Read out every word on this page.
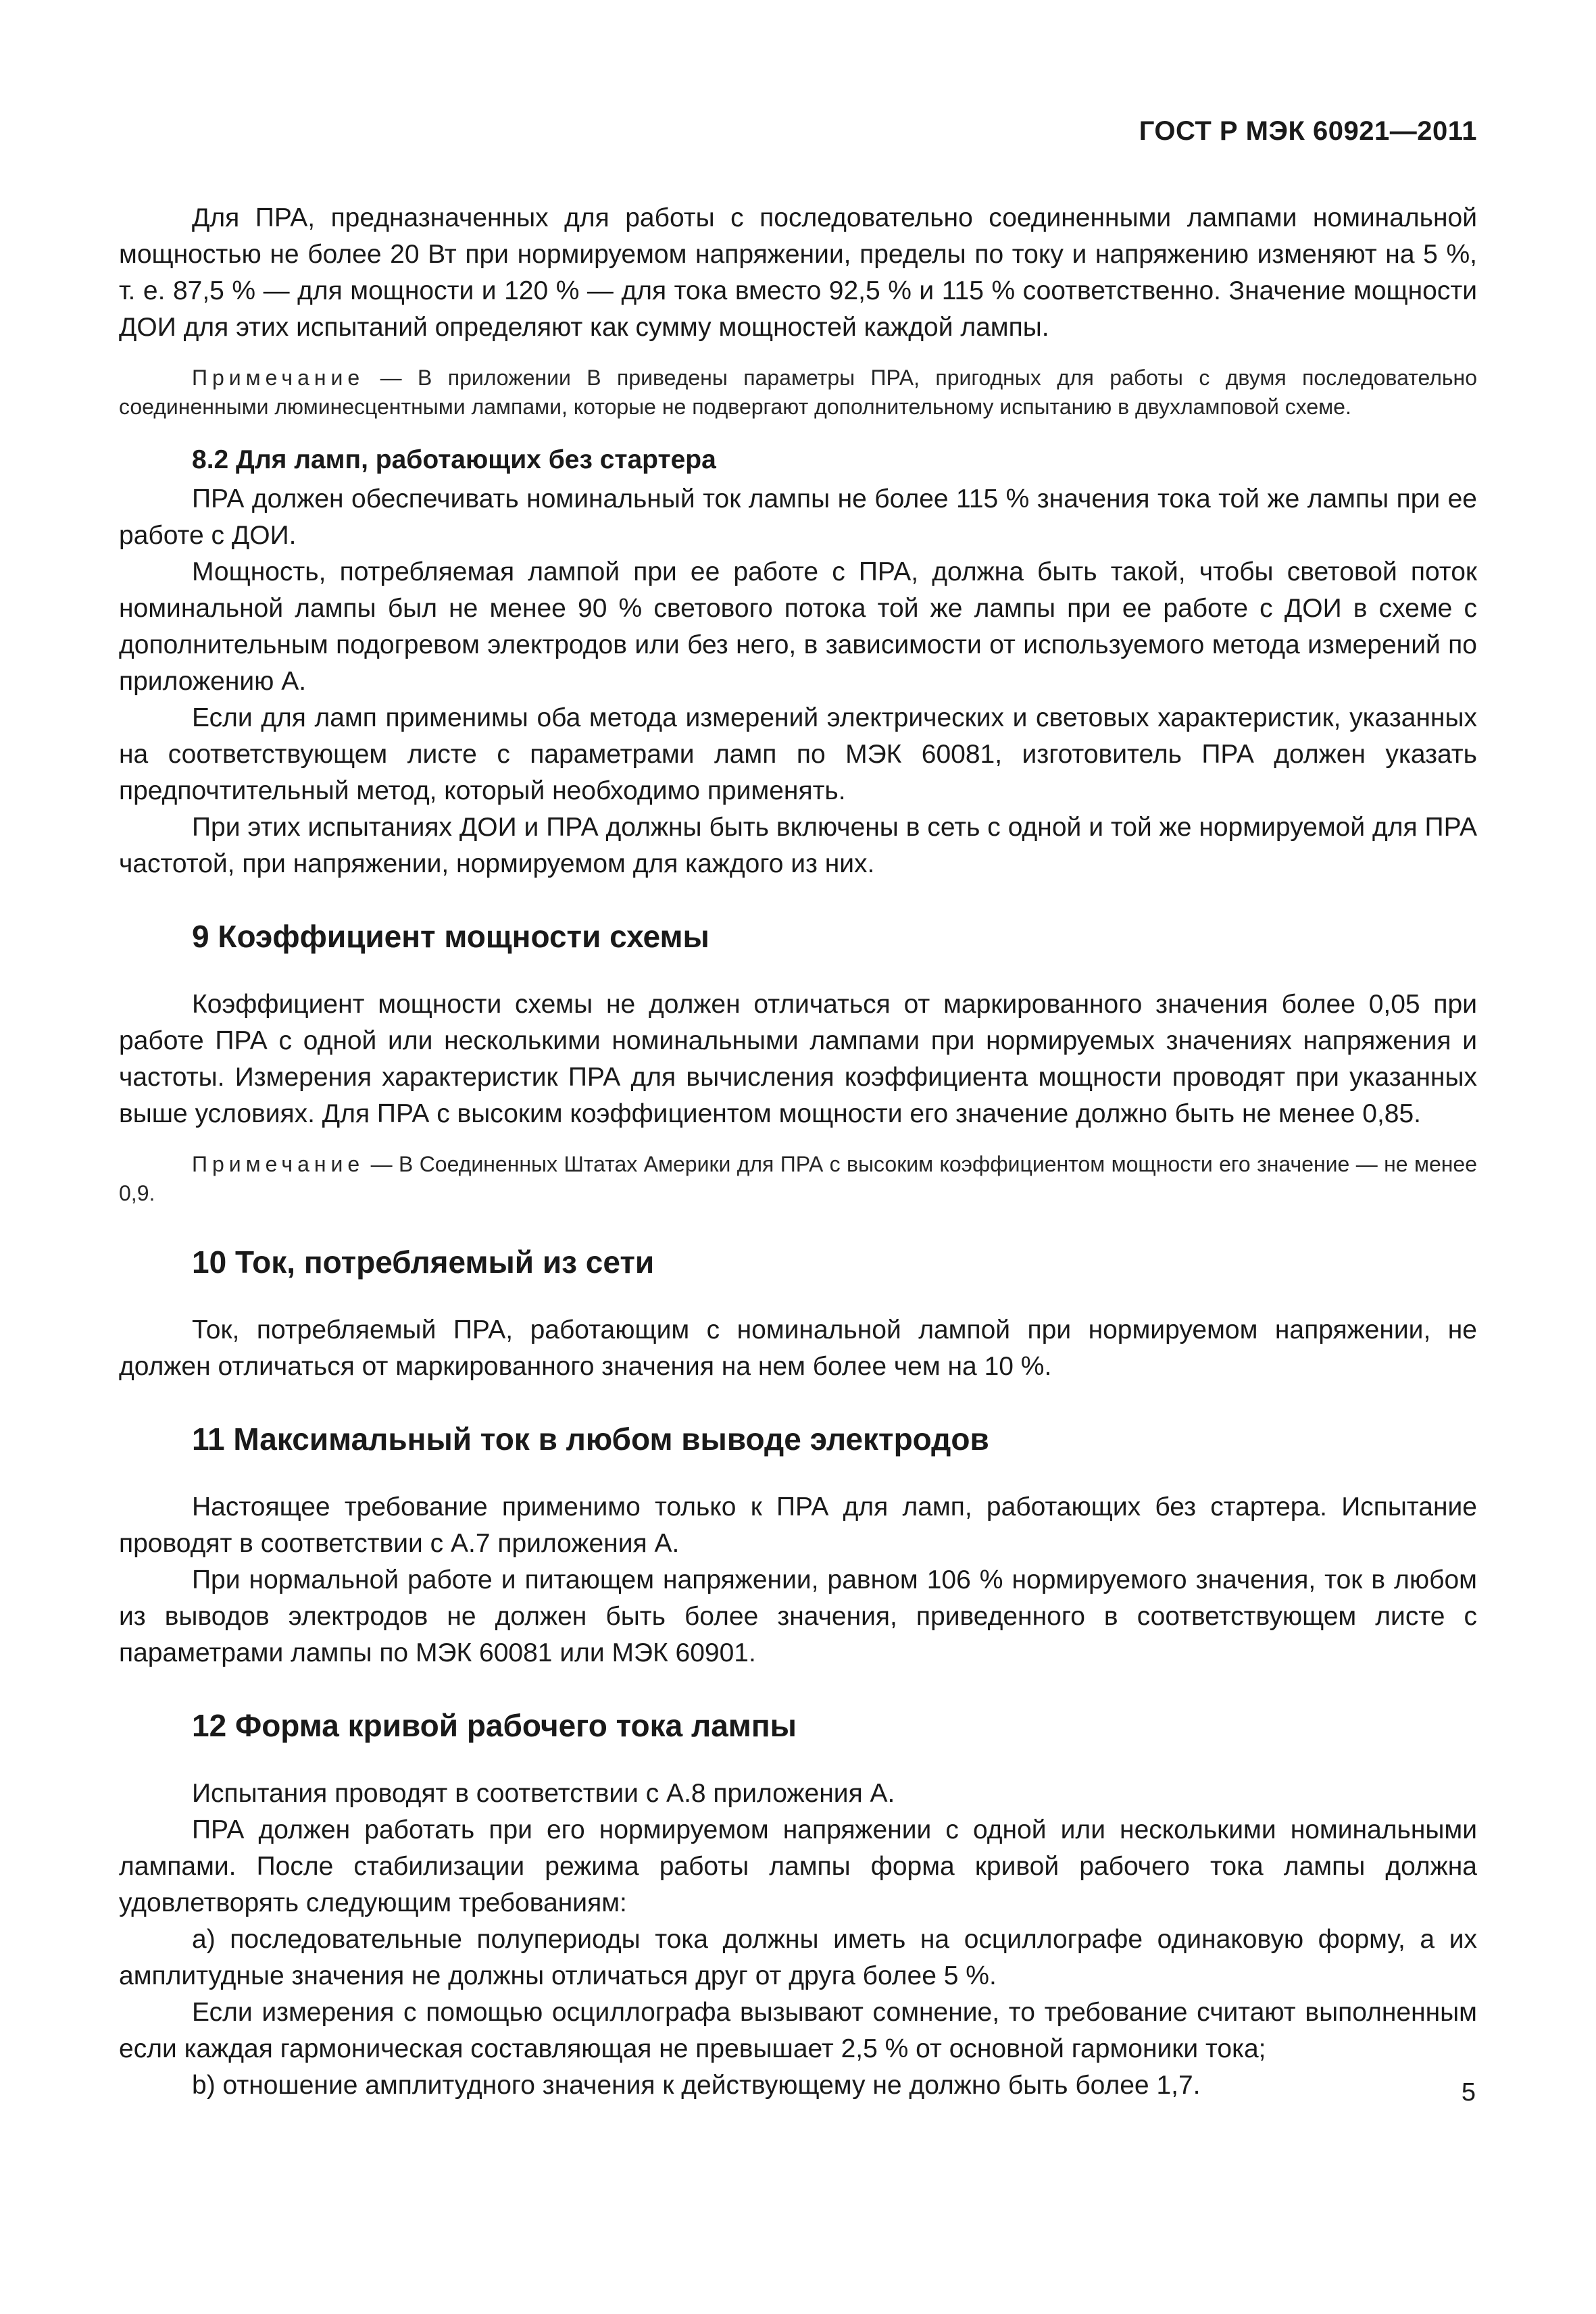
ГОСТ Р МЭК 60921—2011

Для ПРА, предназначенных для работы с последовательно соединенными лампами номинальной мощностью не более 20 Вт при нормируемом напряжении, пределы по току и напряжению изменяют на 5 %, т. е. 87,5 % — для мощности и 120 % — для тока вместо 92,5 % и 115 % соответственно. Значение мощности ДОИ для этих испытаний определяют как сумму мощностей каждой лампы.

Примечание — В приложении В приведены параметры ПРА, пригодных для работы с двумя последовательно соединенными люминесцентными лампами, которые не подвергают дополнительному испытанию в двухламповой схеме.

8.2 Для ламп, работающих без стартера

ПРА должен обеспечивать номинальный ток лампы не более 115 % значения тока той же лампы при ее работе с ДОИ.

Мощность, потребляемая лампой при ее работе с ПРА, должна быть такой, чтобы световой поток номинальной лампы был не менее 90 % светового потока той же лампы при ее работе с ДОИ в схеме с дополнительным подогревом электродов или без него, в зависимости от используемого метода измерений по приложению А.

Если для ламп применимы оба метода измерений электрических и световых характеристик, указанных на соответствующем листе с параметрами ламп по МЭК 60081, изготовитель ПРА должен указать предпочтительный метод, который необходимо применять.

При этих испытаниях ДОИ и ПРА должны быть включены в сеть с одной и той же нормируемой для ПРА частотой, при напряжении, нормируемом для каждого из них.

9 Коэффициент мощности схемы

Коэффициент мощности схемы не должен отличаться от маркированного значения более 0,05 при работе ПРА с одной или несколькими номинальными лампами при нормируемых значениях напряжения и частоты. Измерения характеристик ПРА для вычисления коэффициента мощности проводят при указанных выше условиях. Для ПРА с высоким коэффициентом мощности его значение должно быть не менее 0,85.

Примечание — В Соединенных Штатах Америки для ПРА с высоким коэффициентом мощности его значение — не менее 0,9.

10 Ток, потребляемый из сети

Ток, потребляемый ПРА, работающим с номинальной лампой при нормируемом напряжении, не должен отличаться от маркированного значения на нем более чем на 10 %.

11 Максимальный ток в любом выводе электродов

Настоящее требование применимо только к ПРА для ламп, работающих без стартера. Испытание проводят в соответствии с А.7 приложения А.

При нормальной работе и питающем напряжении, равном 106 % нормируемого значения, ток в любом из выводов электродов не должен быть более значения, приведенного в соответствующем листе с параметрами лампы по МЭК 60081 или МЭК 60901.

12 Форма кривой рабочего тока лампы

Испытания проводят в соответствии с А.8 приложения А.

ПРА должен работать при его нормируемом напряжении с одной или несколькими номинальными лампами. После стабилизации режима работы лампы форма кривой рабочего тока лампы должна удовлетворять следующим требованиям:

a) последовательные полупериоды тока должны иметь на осциллографе одинаковую форму, а их амплитудные значения не должны отличаться друг от друга более 5 %.

Если измерения с помощью осциллографа вызывают сомнение, то требование считают выполненным если каждая гармоническая составляющая не превышает 2,5 % от основной гармоники тока;

b) отношение амплитудного значения к действующему не должно быть более 1,7.	5
